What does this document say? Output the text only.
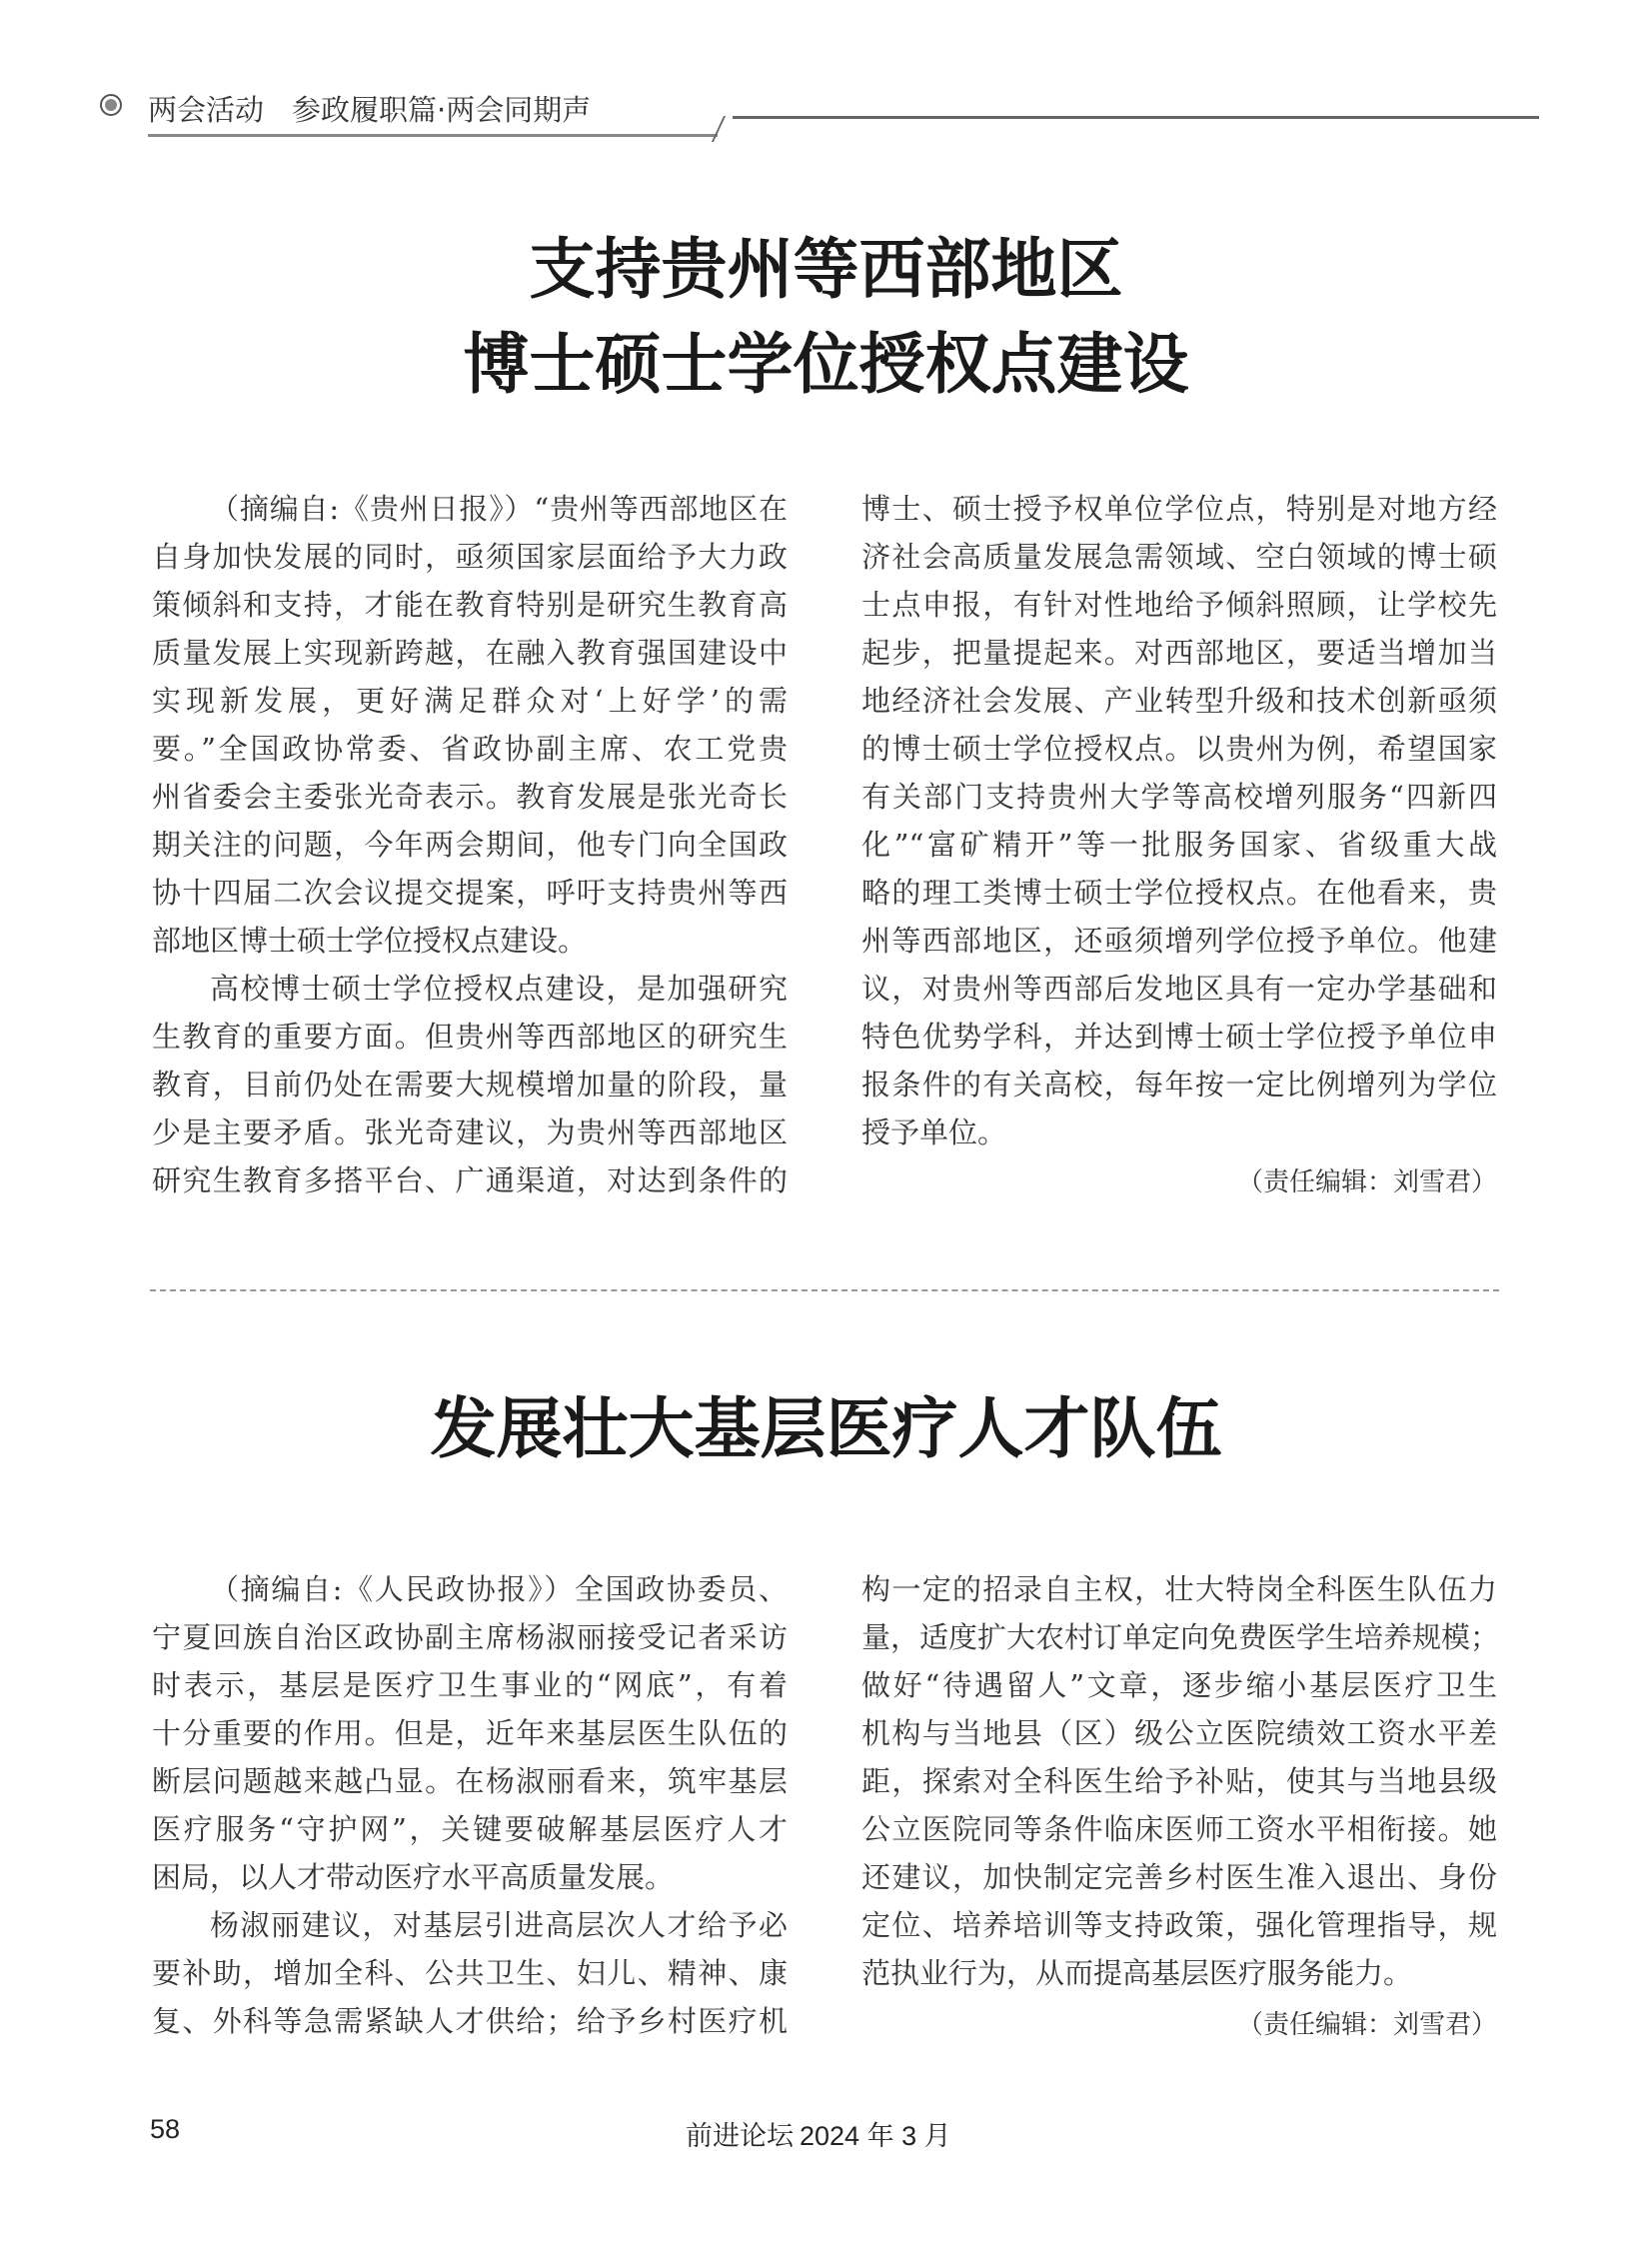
两会活动 参政履职篇·两会同期声
支持贵州等西部地区
博士硕士学位授权点建设
（摘编自:《贵州日报》）“贵州等西部地区在
自身加快发展的同时，亟须国家层面给予大力政
策倾斜和支持，才能在教育特别是研究生教育高
质量发展上实现新跨越，在融入教育强国建设中
实现新发展，更好满足群众对‘上好学’的需
要。”全国政协常委、省政协副主席、农工党贵
州省委会主委张光奇表示。教育发展是张光奇长
期关注的问题，今年两会期间，他专门向全国政
协十四届二次会议提交提案，呼吁支持贵州等西
部地区博士硕士学位授权点建设。
高校博士硕士学位授权点建设，是加强研究
生教育的重要方面。但贵州等西部地区的研究生
教育，目前仍处在需要大规模增加量的阶段，量
少是主要矛盾。张光奇建议，为贵州等西部地区
研究生教育多搭平台、广通渠道，对达到条件的
博士、硕士授予权单位学位点，特别是对地方经
济社会高质量发展急需领域、空白领域的博士硕
士点申报，有针对性地给予倾斜照顾，让学校先
起步，把量提起来。对西部地区，要适当增加当
地经济社会发展、产业转型升级和技术创新亟须
的博士硕士学位授权点。以贵州为例，希望国家
有关部门支持贵州大学等高校增列服务“四新四
化”“富矿精开”等一批服务国家、省级重大战
略的理工类博士硕士学位授权点。在他看来，贵
州等西部地区，还亟须增列学位授予单位。他建
议，对贵州等西部后发地区具有一定办学基础和
特色优势学科，并达到博士硕士学位授予单位申
报条件的有关高校，每年按一定比例增列为学位
授予单位。
（责任编辑：刘雪君）
发展壮大基层医疗人才队伍
（摘编自:《人民政协报》）全国政协委员、
宁夏回族自治区政协副主席杨淑丽接受记者采访
时表示，基层是医疗卫生事业的“网底”，有着
十分重要的作用。但是，近年来基层医生队伍的
断层问题越来越凸显。在杨淑丽看来，筑牢基层
医疗服务“守护网”，关键要破解基层医疗人才
困局，以人才带动医疗水平高质量发展。
杨淑丽建议，对基层引进高层次人才给予必
要补助，增加全科、公共卫生、妇儿、精神、康
复、外科等急需紧缺人才供给；给予乡村医疗机
构一定的招录自主权，壮大特岗全科医生队伍力
量，适度扩大农村订单定向免费医学生培养规模；
做好“待遇留人”文章，逐步缩小基层医疗卫生
机构与当地县（区）级公立医院绩效工资水平差
距，探索对全科医生给予补贴，使其与当地县级
公立医院同等条件临床医师工资水平相衔接。她
还建议，加快制定完善乡村医生准入退出、身份
定位、培养培训等支持政策，强化管理指导，规
范执业行为，从而提高基层医疗服务能力。
（责任编辑：刘雪君）
58	前进论坛 2024 年 3 月
